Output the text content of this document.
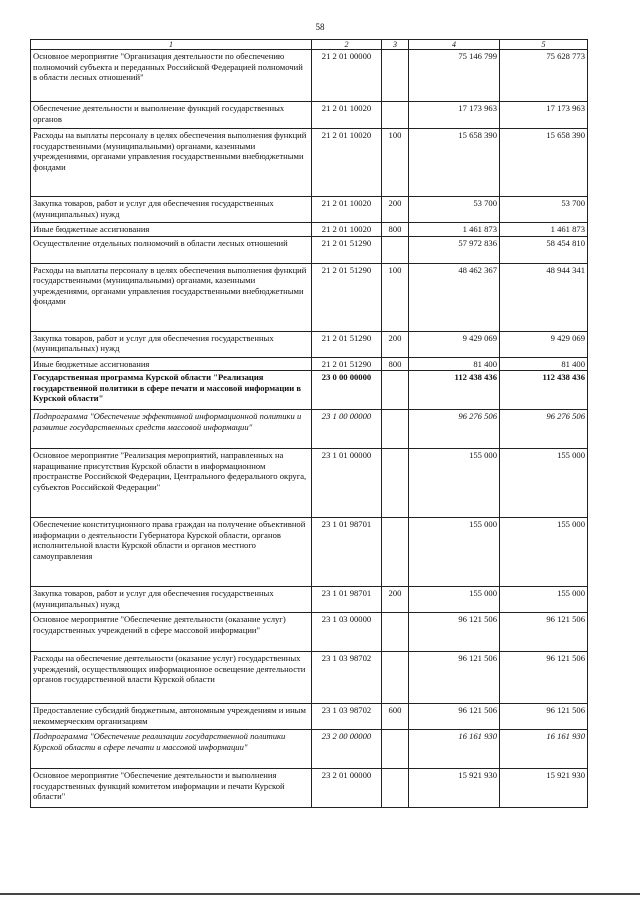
58
1	2	3	4	5
Основное мероприятие "Организация деятельности по обеспечению полномочий субъекта и переданных Российской Федерацией полномочий в области лесных отношений"	21 2 01 00000		75 146 799	75 628 773
Обеспечение деятельности и выполнение функций государственных органов	21 2 01 10020		17 173 963	17 173 963
Расходы на выплаты персоналу в целях обеспечения выполнения функций государственными (муниципальными) органами, казенными учреждениями, органами управления государственными внебюджетными фондами	21 2 01 10020	100	15 658 390	15 658 390
Закупка товаров, работ и услуг для обеспечения государственных (муниципальных) нужд	21 2 01 10020	200	53 700	53 700
Иные бюджетные ассигнования	21 2 01 10020	800	1 461 873	1 461 873
Осуществление отдельных полномочий в области лесных отношений	21 2 01 51290		57 972 836	58 454 810
Расходы на выплаты персоналу в целях обеспечения выполнения функций государственными (муниципальными) органами, казенными учреждениями, органами управления государственными внебюджетными фондами	21 2 01 51290	100	48 462 367	48 944 341
Закупка товаров, работ и услуг для обеспечения государственных (муниципальных) нужд	21 2 01 51290	200	9 429 069	9 429 069
Иные бюджетные ассигнования	21 2 01 51290	800	81 400	81 400
Государственная программа Курской области "Реализация государственной политики в сфере печати и массовой информации в Курской области"	23 0 00 00000		112 438 436	112 438 436
Подпрограмма "Обеспечение эффективной информационной политики и развитие государственных средств массовой информации"	23 1 00 00000		96 276 506	96 276 506
Основное мероприятие "Реализация мероприятий, направленных на наращивание присутствия Курской области в информационном пространстве Российской Федерации, Центрального федерального округа, субъектов Российской Федерации"	23 1 01 00000		155 000	155 000
Обеспечение конституционного права граждан на получение объективной информации о деятельности Губернатора Курской области, органов исполнительной власти Курской области и органов местного самоуправления	23 1 01 98701		155 000	155 000
Закупка товаров, работ и услуг для обеспечения государственных (муниципальных) нужд	23 1 01 98701	200	155 000	155 000
Основное мероприятие "Обеспечение деятельности (оказание услуг) государственных учреждений в сфере массовой информации"	23 1 03 00000		96 121 506	96 121 506
Расходы на обеспечение деятельности (оказание услуг) государственных учреждений, осуществляющих информационное освещение деятельности органов государственной власти Курской области	23 1 03 98702		96 121 506	96 121 506
Предоставление субсидий бюджетным, автономным учреждениям и иным некоммерческим организациям	23 1 03 98702	600	96 121 506	96 121 506
Подпрограмма "Обеспечение реализации государственной политики Курской области в сфере печати и массовой информации"	23 2 00 00000		16 161 930	16 161 930
Основное мероприятие "Обеспечение деятельности и выполнения государственных функций комитетом информации и печати Курской области"	23 2 01 00000		15 921 930	15 921 930
